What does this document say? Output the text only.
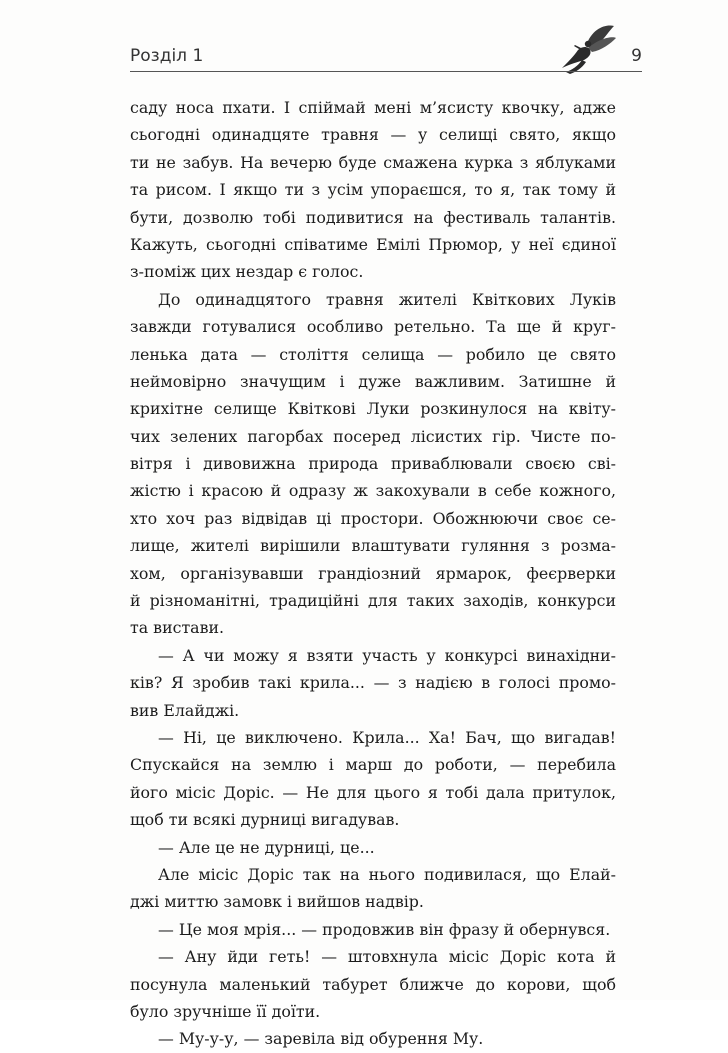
Розділ 1	9
саду носа пхати. І спіймай мені м’ясисту квочку, адже
сьогодні одинадцяте травня — у селищі свято, якщо
ти не забув. На вечерю буде смажена курка з яблуками
та рисом. І якщо ти з усім упораєшся, то я, так тому й
бути, дозволю тобі подивитися на фестиваль талантів.
Кажуть, сьогодні співатиме Емілі Прюмор, у неї єдиної
з-поміж цих нездар є голос.
До одинадцятого травня жителі Квіткових Луків
завжди готувалися особливо ретельно. Та ще й круг-
ленька дата — століття селища — робило це свято
неймовірно значущим і дуже важливим. Затишне й
крихітне селище Квіткові Луки розкинулося на квіту-
чих зелених пагорбах посеред лісистих гір. Чисте по-
вітря і дивовижна природа приваблювали своєю сві-
жістю і красою й одразу ж закохували в себе кожного,
хто хоч раз відвідав ці простори. Обожнюючи своє се-
лище, жителі вирішили влаштувати гуляння з розма-
хом, організувавши грандіозний ярмарок, феєрверки
й різноманітні, традиційні для таких заходів, конкурси
та вистави.
— А чи можу я взяти участь у конкурсі винахідни-
ків? Я зробив такі крила... — з надією в голосі промо-
вив Елайджі.
— Ні, це виключено. Крила... Ха! Бач, що вигадав!
Спускайся на землю і марш до роботи, — перебила
його місіс Доріс. — Не для цього я тобі дала притулок,
щоб ти всякі дурниці вигадував.
— Але це не дурниці, це...
Але місіс Доріс так на нього подивилася, що Елай-
джі миттю замовк і вийшов надвір.
— Це моя мрія... — продовжив він фразу й обернувся.
— Ану йди геть! — штовхнула місіс Доріс кота й
посунула маленький табурет ближче до корови, щоб
було зручніше її доїти.
— Му-у-у, — заревіла від обурення Му.
